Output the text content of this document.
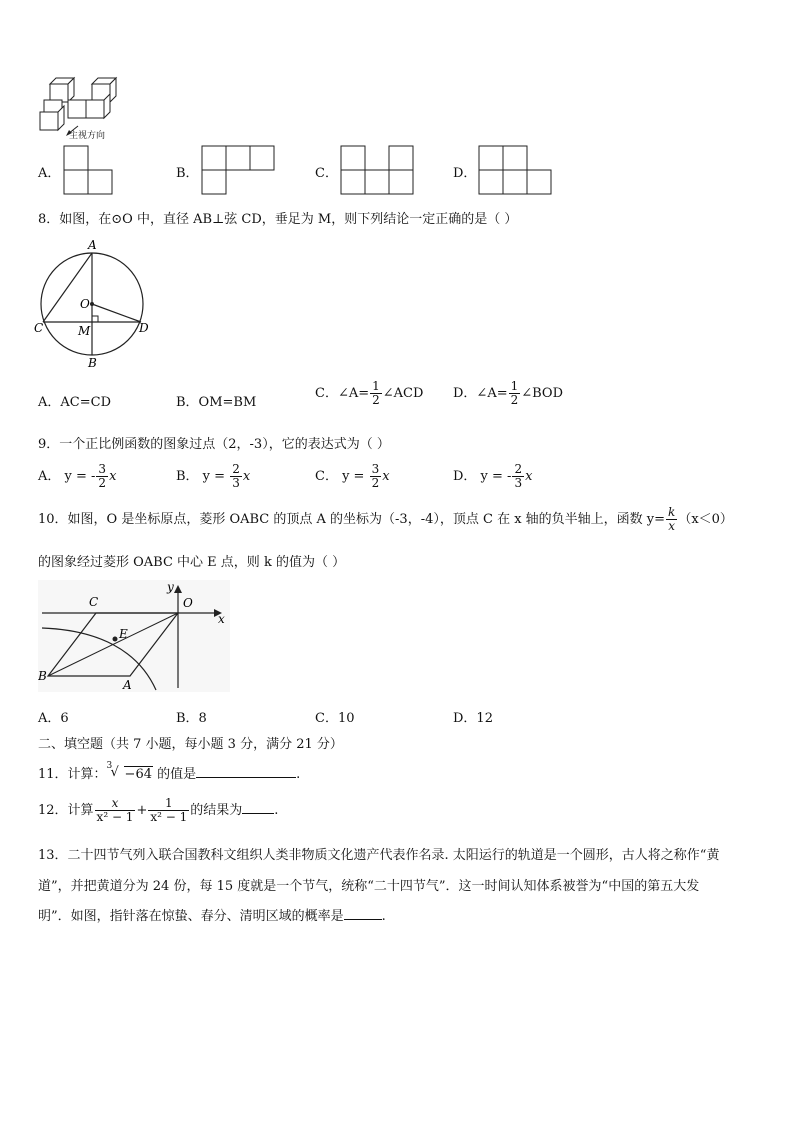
主视方向
A．	B．	C．	D．
8．如图，在⊙O 中，直径 AB⊥弦 CD，垂足为 M，则下列结论一定正确的是（ ）
A
O
C	M	D
B
A．AC=CD	B．OM=BM
C．∠A= $\frac{1}{2}$ ∠ACD D．∠A= $\frac{1}{2}$ ∠BOD
9．一个正比例函数的图象过点（2，-3），它的表达式为（ ）
A． y = - $\frac{3}{2}$ x	B． $y = \frac{2}{3}$ x	C． $y = \frac{3}{2}$ x	D． y = - $\frac{2}{3}$ x
10．如图，O 是坐标原点，菱形 OABC 的顶点 A 的坐标为（-3，-4），顶点 C 在 x 轴的负半轴上，函数 $y= \frac{k}{x} (x<0)$
的图象经过菱形 OABC 中心 E 点，则 k 的值为（ ）
y
C	O
x
E
B
A
A．6	B．8	C．10	D．12
二、填空题（共 7 小题，每小题 3 分，满分 21 分）
11．计算：
3
√ −64 的值是	.
12．计算 $\frac{x}{\text{x² − 1}} + \frac{1}{\text{x² − 1}}$ 的结果为 .
13．二十四节气列入联合国教科文组织人类非物质文化遗产代表作名录. 太阳运行的轨道是一个圆形，古人将之称作“黄
道”，并把黄道分为 24 份，每 15 度就是一个节气，统称“二十四节气”．这一时间认知体系被誉为“中国的第五大发
明”．如图，指针落在惊蛰、春分、清明区域的概率是	.
